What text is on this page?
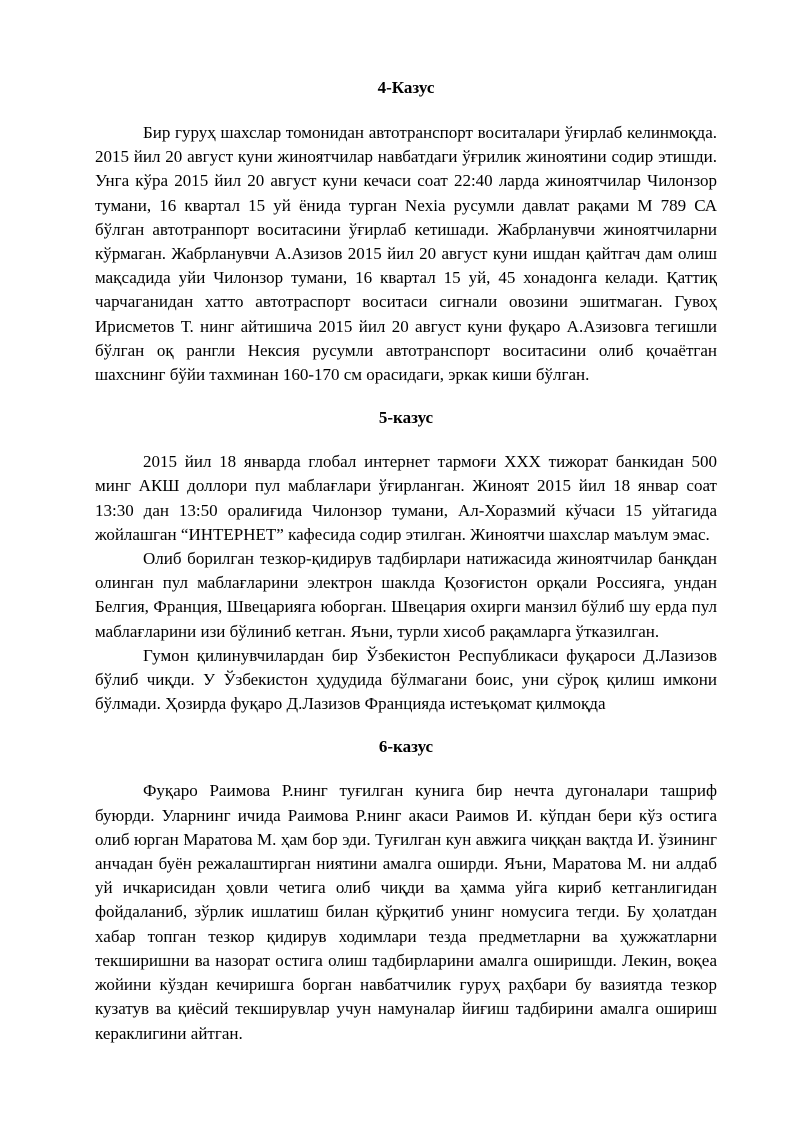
4-Казус

Бир гуруҳ шахслар томонидан автотранспорт воситалари ўғирлаб келинмоқда. 2015 йил 20 август куни жиноятчилар навбатдаги ўғрилик жиноятини содир этишди. Унга кўра 2015 йил 20 август куни кечаси соат 22:40 ларда жиноятчилар Чилонзор тумани, 16 квартал 15 уй ёнида турган Nexia русумли давлат рақами М 789 СА бўлган автотранпорт воситасини ўғирлаб кетишади. Жабрланувчи жиноятчиларни кўрмаган. Жабрланувчи А.Азизов 2015 йил 20 август куни ишдан қайтгач дам олиш мақсадида уйи Чилонзор тумани, 16 квартал 15 уй, 45 хонадонга келади. Қаттиқ чарчаганидан хатто автотраспорт воситаси сигнали овозини эшитмаган. Гувоҳ Ирисметов Т. нинг айтишича 2015 йил 20 август куни фуқаро А.Азизовга тегишли бўлган оқ рангли Нексия русумли автотранспорт воситасини олиб қочаётган шахснинг бўйи тахминан 160-170 см орасидаги, эркак киши бўлган.

5-казус

2015 йил 18 январда глобал интернет тармоғи ХХХ тижорат банкидан 500 минг АКШ доллори пул маблағлари ўғирланган. Жиноят 2015 йил 18 январ соат 13:30 дан 13:50 оралиғида Чилонзор тумани, Ал-Хоразмий кўчаси 15 уйтагида жойлашган “ИНТЕРНЕТ” кафесида содир этилган. Жиноятчи шахслар маълум эмас.

Олиб борилган тезкор-қидирув тадбирлари натижасида жиноятчилар банқдан олинган пул маблағларини электрон шаклда Қозоғистон орқали Россияга, ундан Белгия, Франция, Швецарияга юборган. Швецария охирги манзил бўлиб шу ерда пул маблағларини изи бўлиниб кетган. Яъни, турли хисоб рақамларга ўтказилган.

Гумон қилинувчилардан бир Ўзбекистон Республикаси фуқароси Д.Лазизов бўлиб чиқди. У Ўзбекистон ҳудудида бўлмагани боис, уни сўроқ қилиш имкони бўлмади. Ҳозирда фуқаро Д.Лазизов Францияда истеъқомат қилмоқда

6-казус

Фуқаро Раимова Р.нинг туғилган кунига бир нечта дугоналари ташриф буюрди. Уларнинг ичида Раимова Р.нинг акаси Раимов И. кўпдан бери кўз остига олиб юрган Маратова М. ҳам бор эди. Туғилган кун авжига чиққан вақтда И. ўзининг анчадан буён режалаштирган ниятини амалга оширди. Яъни, Маратова М. ни алдаб уй ичкарисидан ҳовли четига олиб чиқди ва ҳамма уйга кириб кетганлигидан фойдаланиб, зўрлик ишлатиш билан қўрқитиб унинг номусига тегди. Бу ҳолатдан хабар топган тезкор қидирув ходимлари тезда предметларни ва ҳужжатларни текширишни ва назорат остига олиш тадбирларини амалга оширишди. Лекин, воқеа жойини кўздан кечиришга борган навбатчилик гуруҳ раҳбари бу вазиятда тезкор кузатув ва қиёсий текширувлар учун намуналар йиғиш тадбирини амалга ошириш кераклигини айтган.
